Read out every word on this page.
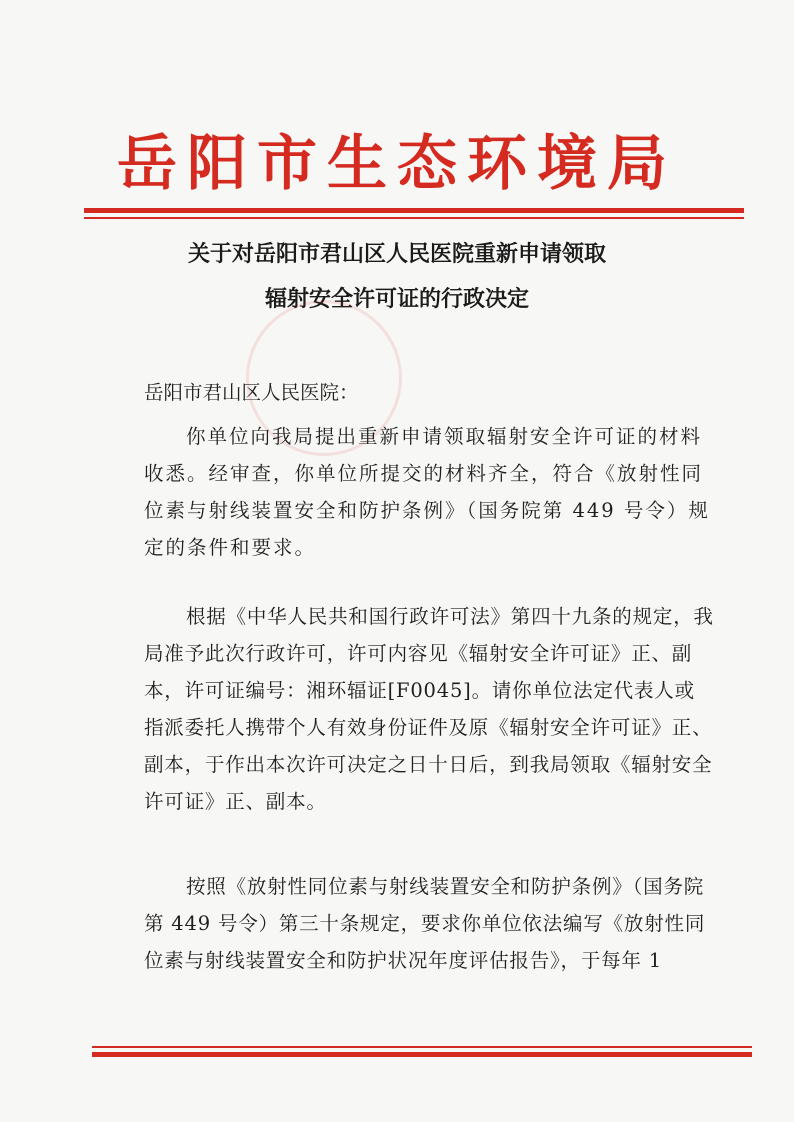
岳阳市生态环境局
关于对岳阳市君山区人民医院重新申请领取
辐射安全许可证的行政决定
岳阳市君山区人民医院：
你单位向我局提出重新申请领取辐射安全许可证的材料收悉。经审查，你单位所提交的材料齐全，符合《放射性同位素与射线装置安全和防护条例》（国务院第 449 号令）规定的条件和要求。
根据《中华人民共和国行政许可法》第四十九条的规定，我局准予此次行政许可，许可内容见《辐射安全许可证》正、副本，许可证编号：湘环辐证[F0045]。请你单位法定代表人或指派委托人携带个人有效身份证件及原《辐射安全许可证》正、副本，于作出本次许可决定之日十日后，到我局领取《辐射安全许可证》正、副本。
按照《放射性同位素与射线装置安全和防护条例》（国务院第 449 号令）第三十条规定，要求你单位依法编写《放射性同位素与射线装置安全和防护状况年度评估报告》，于每年 1
